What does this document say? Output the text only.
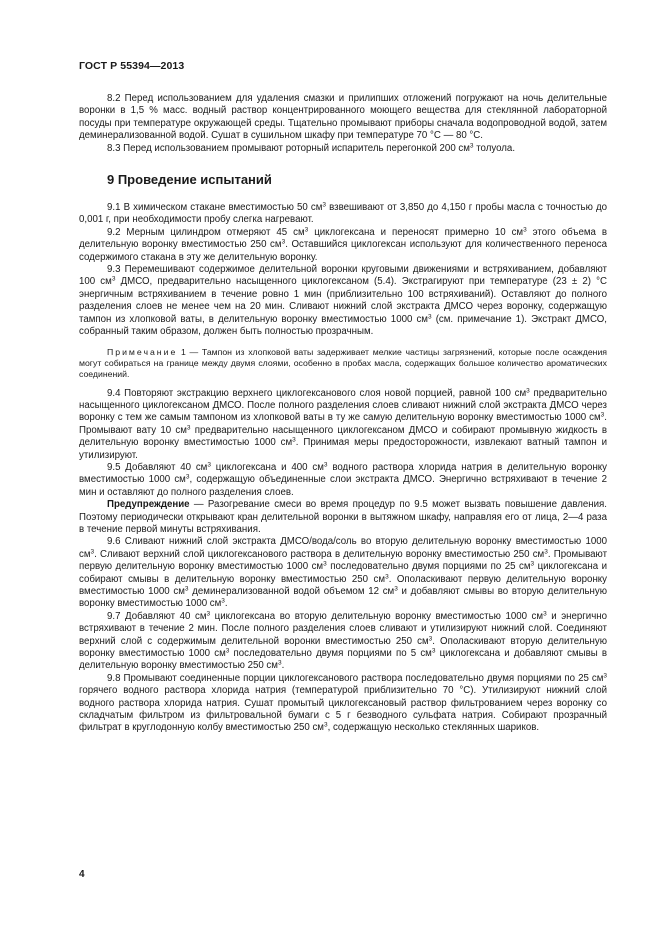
ГОСТ Р 55394—2013

8.2 Перед использованием для удаления смазки и прилипших отложений погружают на ночь делительные воронки в 1,5 % масс. водный раствор концентрированного моющего вещества для стеклянной лабораторной посуды при температуре окружающей среды. Тщательно промывают приборы сначала водопроводной водой, затем деминерализованной водой. Сушат в сушильном шкафу при температуре 70 °С — 80 °С.

8.3 Перед использованием промывают роторный испаритель перегонкой 200 $см^3$ толуола.

9 Проведение испытаний

9.1 В химическом стакане вместимостью 50 $см^3$ взвешивают от 3,850 до 4,150 г пробы масла с точностью до 0,001 г, при необходимости пробу слегка нагревают.

9.2 Мерным цилиндром отмеряют 45 $см^3$ циклогексана и переносят примерно 10 $см^3$ этого объема в делительную воронку вместимостью 250 $см^3$. Оставшийся циклогексан используют для количественного переноса содержимого стакана в эту же делительную воронку.

9.3 Перемешивают содержимое делительной воронки круговыми движениями и встряхиванием, добавляют 100 $см^3$ ДМСО, предварительно насыщенного циклогексаном (5.4). Экстрагируют при температуре (23 ± 2) °С энергичным встряхиванием в течение ровно 1 мин (приблизительно 100 встряхиваний). Оставляют до полного разделения слоев не менее чем на 20 мин. Сливают нижний слой экстракта ДМСО через воронку, содержащую тампон из хлопковой ваты, в делительную воронку вместимостью 1000 $см^3$ (см. примечание 1). Экстракт ДМСО, собранный таким образом, должен быть полностью прозрачным.

Примечание 1 — Тампон из хлопковой ваты задерживает мелкие частицы загрязнений, которые после осаждения могут собираться на границе между двумя слоями, особенно в пробах масла, содержащих большое количество ароматических соединений.

9.4 Повторяют экстракцию верхнего циклогексанового слоя новой порцией, равной 100 $см^3$ предварительно насыщенного циклогексаном ДМСО. После полного разделения слоев сливают нижний слой экстракта ДМСО через воронку с тем же самым тампоном из хлопковой ваты в ту же самую делительную воронку вместимостью 1000 $см^3$. Промывают вату 10 $см^3$ предварительно насыщенного циклогексаном ДМСО и собирают промывную жидкость в делительную воронку вместимостью 1000 $см^3$. Принимая меры предосторожности, извлекают ватный тампон и утилизируют.

9.5 Добавляют 40 $см^3$ циклогексана и 400 $см^3$ водного раствора хлорида натрия в делительную воронку вместимостью 1000 $см^3$, содержащую объединенные слои экстракта ДМСО. Энергично встряхивают в течение 2 мин и оставляют до полного разделения слоев.

Предупреждение — Разогревание смеси во время процедур по 9.5 может вызвать повышение давления. Поэтому периодически открывают кран делительной воронки в вытяжном шкафу, направляя его от лица, 2—4 раза в течение первой минуты встряхивания.

9.6 Сливают нижний слой экстракта ДМСО/вода/соль во вторую делительную воронку вместимостью 1000 $см^3$. Сливают верхний слой циклогексанового раствора в делительную воронку вместимостью 250 $см^3$. Промывают первую делительную воронку вместимостью 1000 $см^3$ последовательно двумя порциями по 25 $см^3$ циклогексана и собирают смывы в делительную воронку вместимостью 250 $см^3$. Ополаскивают первую делительную воронку вместимостью 1000 $см^3$ деминерализованной водой объемом 12 $см^3$ и добавляют смывы во вторую делительную воронку вместимостью 1000 $см^3$.

9.7 Добавляют 40 $см^3$ циклогексана во вторую делительную воронку вместимостью 1000 $см^3$ и энергично встряхивают в течение 2 мин. После полного разделения слоев сливают и утилизируют нижний слой. Соединяют верхний слой с содержимым делительной воронки вместимостью 250 $см^3$. Ополаскивают вторую делительную воронку вместимостью 1000 $см^3$ последовательно двумя порциями по 5 $см^3$ циклогексана и добавляют смывы в делительную воронку вместимостью 250 $см^3$.

9.8 Промывают соединенные порции циклогексанового раствора последовательно двумя порциями по 25 $см^3$ горячего водного раствора хлорида натрия (температурой приблизительно 70 °С). Утилизируют нижний слой водного раствора хлорида натрия. Сушат промытый циклогексановый раствор фильтрованием через воронку со складчатым фильтром из фильтровальной бумаги с 5 г безводного сульфата натрия. Собирают прозрачный фильтрат в круглодонную колбу вместимостью 250 $см^3$, содержащую несколько стеклянных шариков.

4
